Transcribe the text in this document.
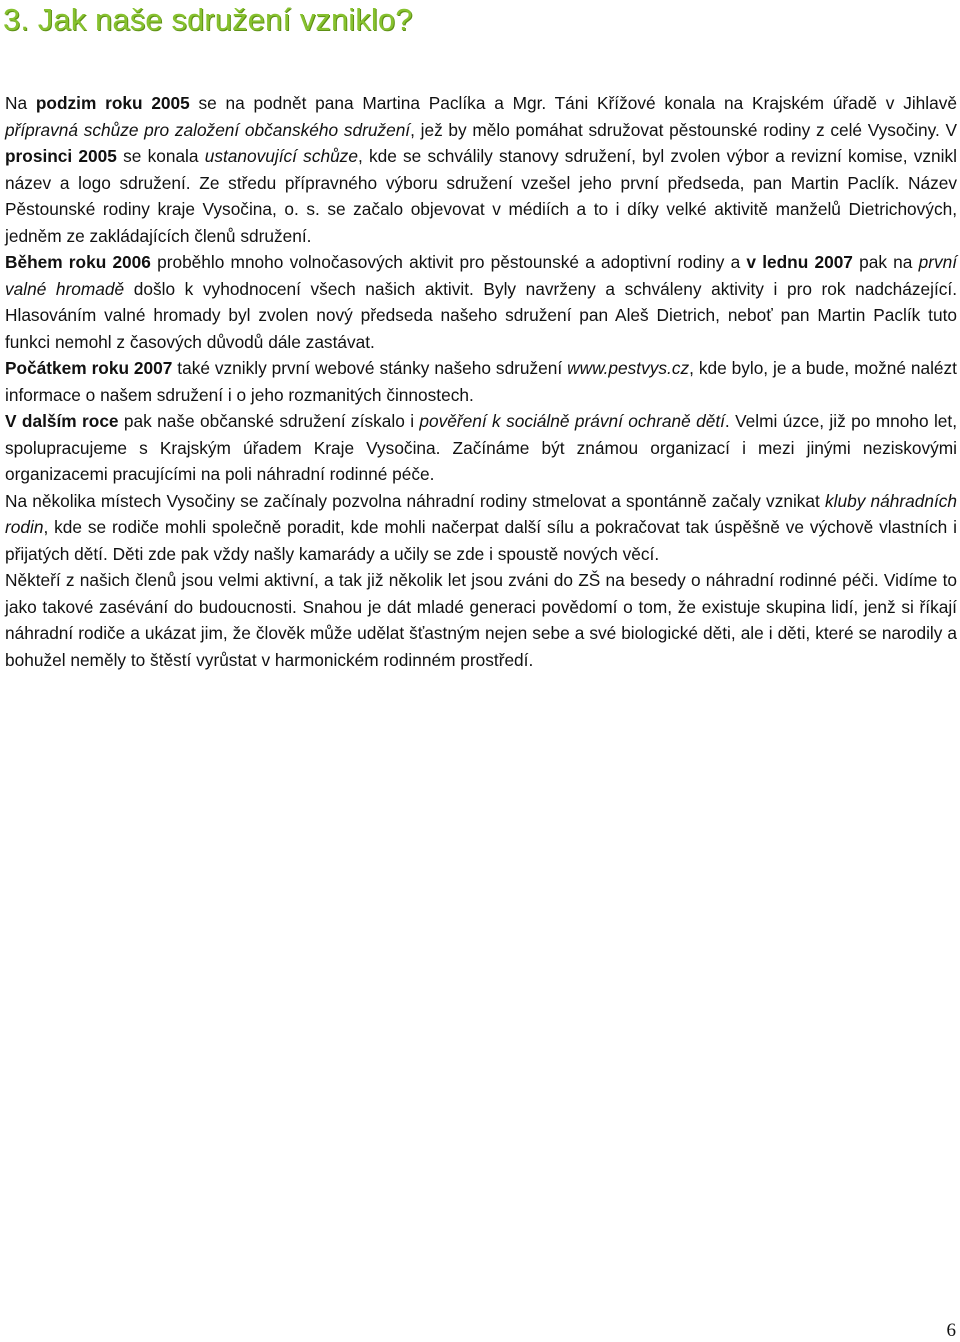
3. Jak naše sdružení vzniklo?

Na podzim roku 2005 se na podnět pana Martina Paclíka a Mgr. Táni Křížové konala na Krajském úřadě v Jihlavě přípravná schůze pro založení občanského sdružení, jež by mělo pomáhat sdružovat pěstounské rodiny z celé Vysočiny. V prosinci 2005 se konala ustanovující schůze, kde se schválily stanovy sdružení, byl zvolen výbor a revizní komise, vznikl název a logo sdružení. Ze středu přípravného výboru sdružení vzešel jeho první předseda, pan Martin Paclík. Název Pěstounské rodiny kraje Vysočina, o. s. se začalo objevovat v médiích a to i díky velké aktivitě manželů Dietrichových, jedněm ze zakládajících členů sdružení.

Během roku 2006 proběhlo mnoho volnočasových aktivit pro pěstounské a adoptivní rodiny a v lednu 2007 pak na první valné hromadě došlo k vyhodnocení všech našich aktivit. Byly navrženy a schváleny aktivity i pro rok nadcházející. Hlasováním valné hromady byl zvolen nový předseda našeho sdružení pan Aleš Dietrich, neboť pan Martin Paclík tuto funkci nemohl z časových důvodů dále zastávat.

Počátkem roku 2007 také vznikly první webové stánky našeho sdružení www.pestvys.cz, kde bylo, je a bude, možné nalézt informace o našem sdružení i o jeho rozmanitých činnostech.

V dalším roce pak naše občanské sdružení získalo i pověření k sociálně právní ochraně dětí. Velmi úzce, již po mnoho let, spolupracujeme s Krajským úřadem Kraje Vysočina. Začínáme být známou organizací i mezi jinými neziskovými organizacemi pracujícími na poli náhradní rodinné péče.

Na několika místech Vysočiny se začínaly pozvolna náhradní rodiny stmelovat a spontánně začaly vznikat kluby náhradních rodin, kde se rodiče mohli společně poradit, kde mohli načerpat další sílu a pokračovat tak úspěšně ve výchově vlastních i přijatých dětí. Děti zde pak vždy našly kamarády a učily se zde i spoustě nových věcí.

Někteří z našich členů jsou velmi aktivní, a tak již několik let jsou zváni do ZŠ na besedy o náhradní rodinné péči. Vidíme to jako takové zasévání do budoucnosti. Snahou je dát mladé generaci povědomí o tom, že existuje skupina lidí, jenž si říkají náhradní rodiče a ukázat jim, že člověk může udělat šťastným nejen sebe a své biologické děti, ale i děti, které se narodily a bohužel neměly to štěstí vyrůstat v harmonickém rodinném prostředí.

6
